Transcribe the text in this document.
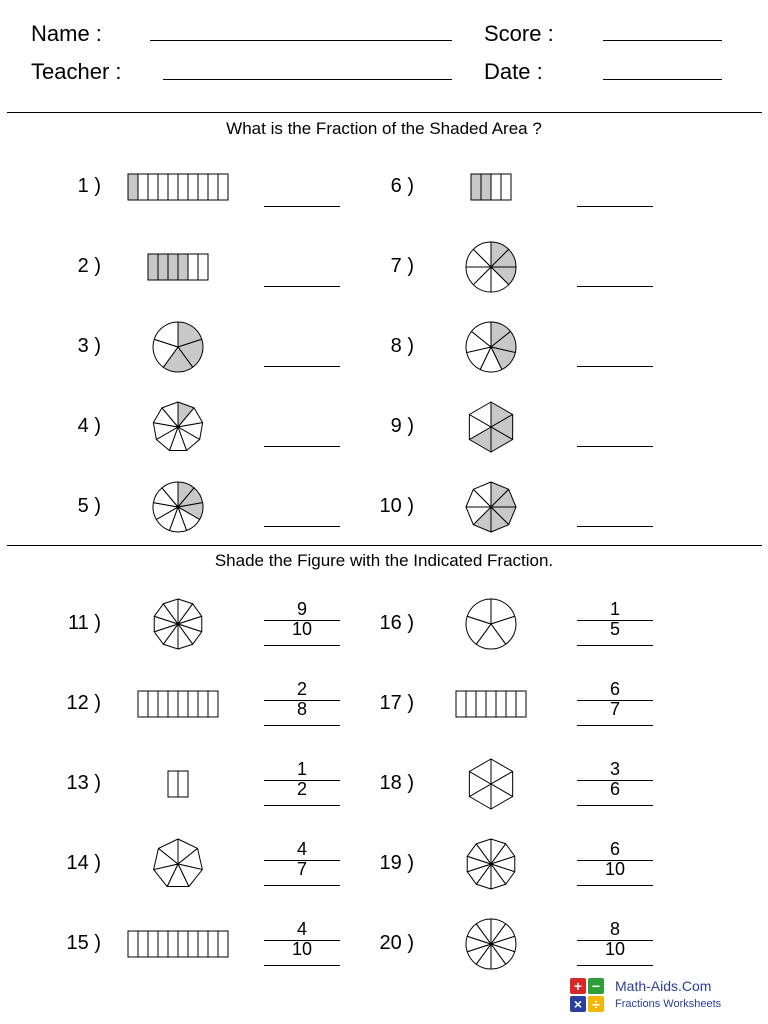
Name :
Teacher :
Score :
Date :
What is the Fraction of the Shaded Area ?
Shade the Figure with the Indicated Fraction.
1 )
2 )
3 )
4 )
5 )
6 )
7 )
8 )
9 )
10 )
11 )
9
10
12 )
2
8
13 )
1
2
14 )
4
7
15 )
4
10
16 )
1
5
17 )
6
7
18 )
3
6
19 )
6
10
20 )
8
10
+ −
× ÷
Math-Aids.Com
Fractions Worksheets
